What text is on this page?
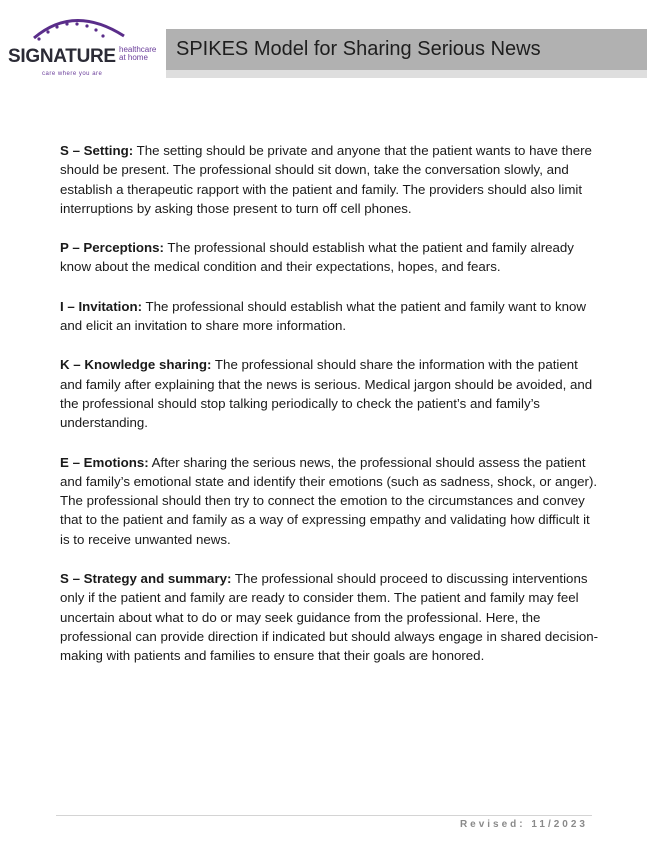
SIGNATURE healthcare
at home
care where you are
SPIKES Model for Sharing Serious News

S – Setting: The setting should be private and anyone that the patient wants to have there should be present. The professional should sit down, take the conversation slowly, and establish a therapeutic rapport with the patient and family. The providers should also limit interruptions by asking those present to turn off cell phones.

P – Perceptions: The professional should establish what the patient and family already know about the medical condition and their expectations, hopes, and fears.

I – Invitation: The professional should establish what the patient and family want to know and elicit an invitation to share more information.

K – Knowledge sharing: The professional should share the information with the patient and family after explaining that the news is serious. Medical jargon should be avoided, and the professional should stop talking periodically to check the patient’s and family’s understanding.

E – Emotions: After sharing the serious news, the professional should assess the patient and family’s emotional state and identify their emotions (such as sadness, shock, or anger). The professional should then try to connect the emotion to the circumstances and convey that to the patient and family as a way of expressing empathy and validating how difficult it is to receive unwanted news.

S – Strategy and summary: The professional should proceed to discussing interventions only if the patient and family are ready to consider them. The patient and family may feel uncertain about what to do or may seek guidance from the professional. Here, the professional can provide direction if indicated but should always engage in shared decision-making with patients and families to ensure that their goals are honored.

Revised: 11/2023
